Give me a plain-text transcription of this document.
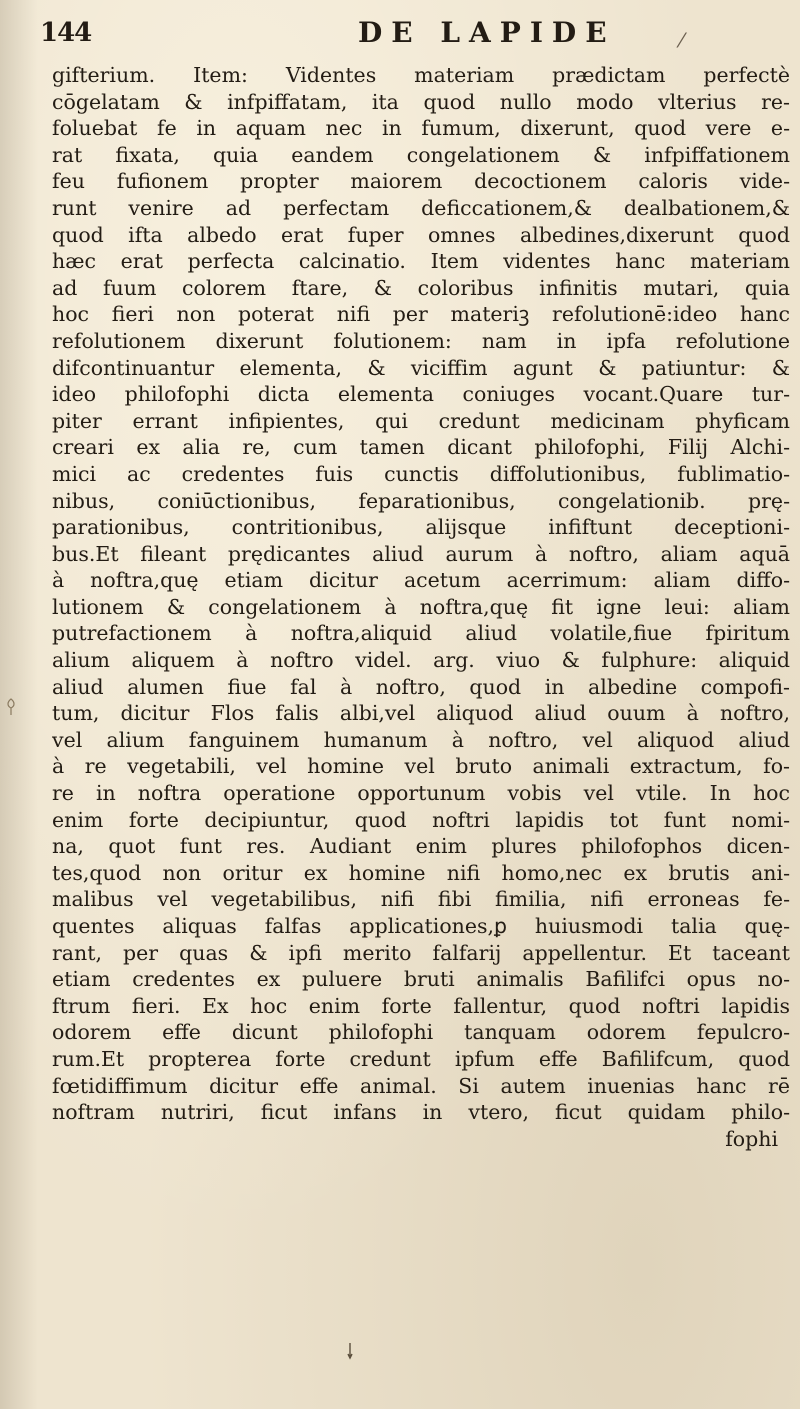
144	DE LAPIDE	⁄
gifterium. Item: Videntes materiam prædictam perfectè
cōgelatam & infpiffatam, ita quod nullo modo vlterius re-
foluebat fe in aquam nec in fumum, dixerunt, quod vere e-
rat fixata, quia eandem congelationem & infpiffationem
feu fufionem propter maiorem decoctionem caloris vide-
runt venire ad perfectam deficcationem,& dealbationem,&
quod ifta albedo erat fuper omnes albedines,dixerunt quod
hæc erat perfecta calcinatio. Item videntes hanc materiam
ad fuum colorem ftare, & coloribus infinitis mutari, quia
hoc fieri non poterat nifi per materiꝫ refolutionē:ideo hanc
refolutionem dixerunt folutionem: nam in ipfa refolutione
difcontinuantur elementa, & viciffim agunt & patiuntur: &
ideo philofophi dicta elementa coniuges vocant.Quare tur-
piter errant infipientes, qui credunt medicinam phyficam
creari ex alia re, cum tamen dicant philofophi, Filij Alchi-
mici ac credentes fuis cunctis diffolutionibus, fublimatio-
nibus, coniūctionibus, feparationibus, congelationib. prę-
parationibus, contritionibus, alijsque infiftunt deceptioni-
bus.Et fileant prędicantes aliud aurum à noftro, aliam aquā
à noftra,quę etiam dicitur acetum acerrimum: aliam diffo-
lutionem & congelationem à noftra,quę fit igne leui: aliam
putrefactionem à noftra,aliquid aliud volatile,fiue fpiritum
alium aliquem à noftro videl. arg. viuo & fulphure: aliquid
aliud alumen fiue fal à noftro, quod in albedine compofi-
tum, dicitur Flos falis albi,vel aliquod aliud ouum à noftro,
vel alium fanguinem humanum à noftro, vel aliquod aliud
à re vegetabili, vel homine vel bruto animali extractum, fo-
re in noftra operatione opportunum vobis vel vtile. In hoc
enim forte decipiuntur, quod noftri lapidis tot funt nomi-
na, quot funt res. Audiant enim plures philofophos dicen-
tes,quod non oritur ex homine nifi homo,nec ex brutis ani-
malibus vel vegetabilibus, nifi fibi fimilia, nifi erroneas fe-
quentes aliquas falfas applicationes,ꝑ huiusmodi talia quę-
rant, per quas & ipfi merito falfarij appellentur. Et taceant
etiam credentes ex puluere bruti animalis Bafilifci opus no-
ftrum fieri. Ex hoc enim forte fallentur, quod noftri lapidis
odorem effe dicunt philofophi tanquam odorem fepulcro-
rum.Et propterea forte credunt ipfum effe Bafilifcum, quod
fœtidiffimum dicitur effe animal. Si autem inuenias hanc rē
noftram nutriri, ficut infans in vtero, ficut quidam philo-
fophi
